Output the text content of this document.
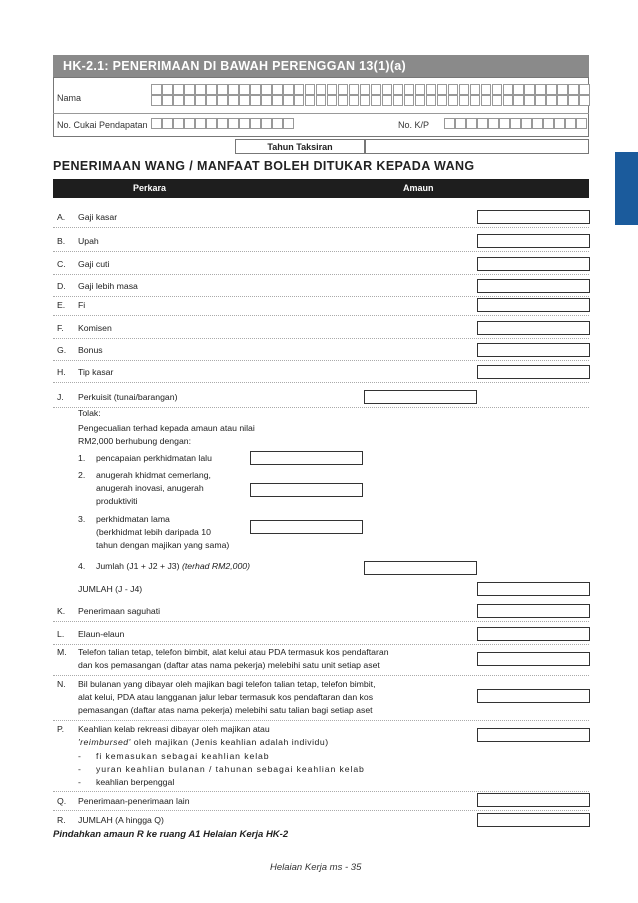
HK-2.1: PENERIMAAN DI BAWAH PERENGGAN 13(1)(a)
Nama
No. Cukai Pendapatan	No. K/P
Tahun Taksiran
PENERIMAAN WANG / MANFAAT BOLEH DITUKAR KEPADA WANG
Perkara	Amaun
A. Gaji kasar
B. Upah
C. Gaji cuti
D. Gaji lebih masa
E. Fi
F. Komisen
G. Bonus
H. Tip kasar
J. Perkuisit (tunai/barangan)
K. Penerimaan saguhati
L. Elaun-elaun
Tolak:
Pengecualian terhad kepada amaun atau nilai
RM2,000 berhubung dengan:
1. pencapaian perkhidmatan lalu
2. anugerah khidmat cemerlang,
anugerah inovasi, anugerah
produktiviti
3. perkhidmatan lama
(berkhidmat lebih daripada 10
tahun dengan majikan yang sama)
4. Jumlah (J1 + J2 + J3) (terhad RM2,000)
JUMLAH (J - J4)
M. Telefon talian tetap, telefon bimbit, alat kelui atau PDA termasuk kos pendaftaran
dan kos pemasangan (daftar atas nama pekerja) melebihi satu unit setiap aset
N. Bil bulanan yang dibayar oleh majikan bagi telefon talian tetap, telefon bimbit,
alat kelui, PDA atau langganan jalur lebar termasuk kos pendaftaran dan kos
pemasangan (daftar atas nama pekerja) melebihi satu talian bagi setiap aset
P. Keahlian kelab rekreasi dibayar oleh majikan atau
'reimbursed' oleh majikan (Jenis keahlian adalah individu)
- fi kemasukan sebagai keahlian kelab
- yuran keahlian bulanan / tahunan sebagai keahlian kelab
- keahlian berpenggal
Q. Penerimaan-penerimaan lain
R. JUMLAH (A hingga Q)
Pindahkan amaun R ke ruang A1 Helaian Kerja HK-2
Helaian Kerja ms - 35
